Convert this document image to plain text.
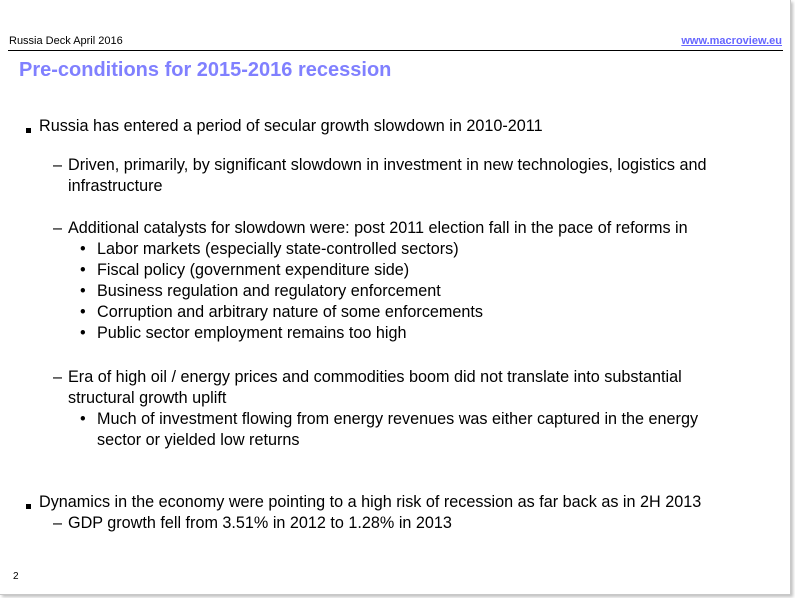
Russia Deck April 2016	www.macroview.eu
Pre-conditions for 2015-2016 recession
Russia has entered a period of secular growth slowdown in 2010-2011
– Driven, primarily, by significant slowdown in investment in new technologies, logistics and
infrastructure
– Additional catalysts for slowdown were: post 2011 election fall in the pace of reforms in
• Labor markets (especially state-controlled sectors)
• Fiscal policy (government expenditure side)
• Business regulation and regulatory enforcement
• Corruption and arbitrary nature of some enforcements
• Public sector employment remains too high
– Era of high oil / energy prices and commodities boom did not translate into substantial
structural growth uplift
• Much of investment flowing from energy revenues was either captured in the energy
sector or yielded low returns
Dynamics in the economy were pointing to a high risk of recession as far back as in 2H 2013
– GDP growth fell from 3.51% in 2012 to 1.28% in 2013
2
